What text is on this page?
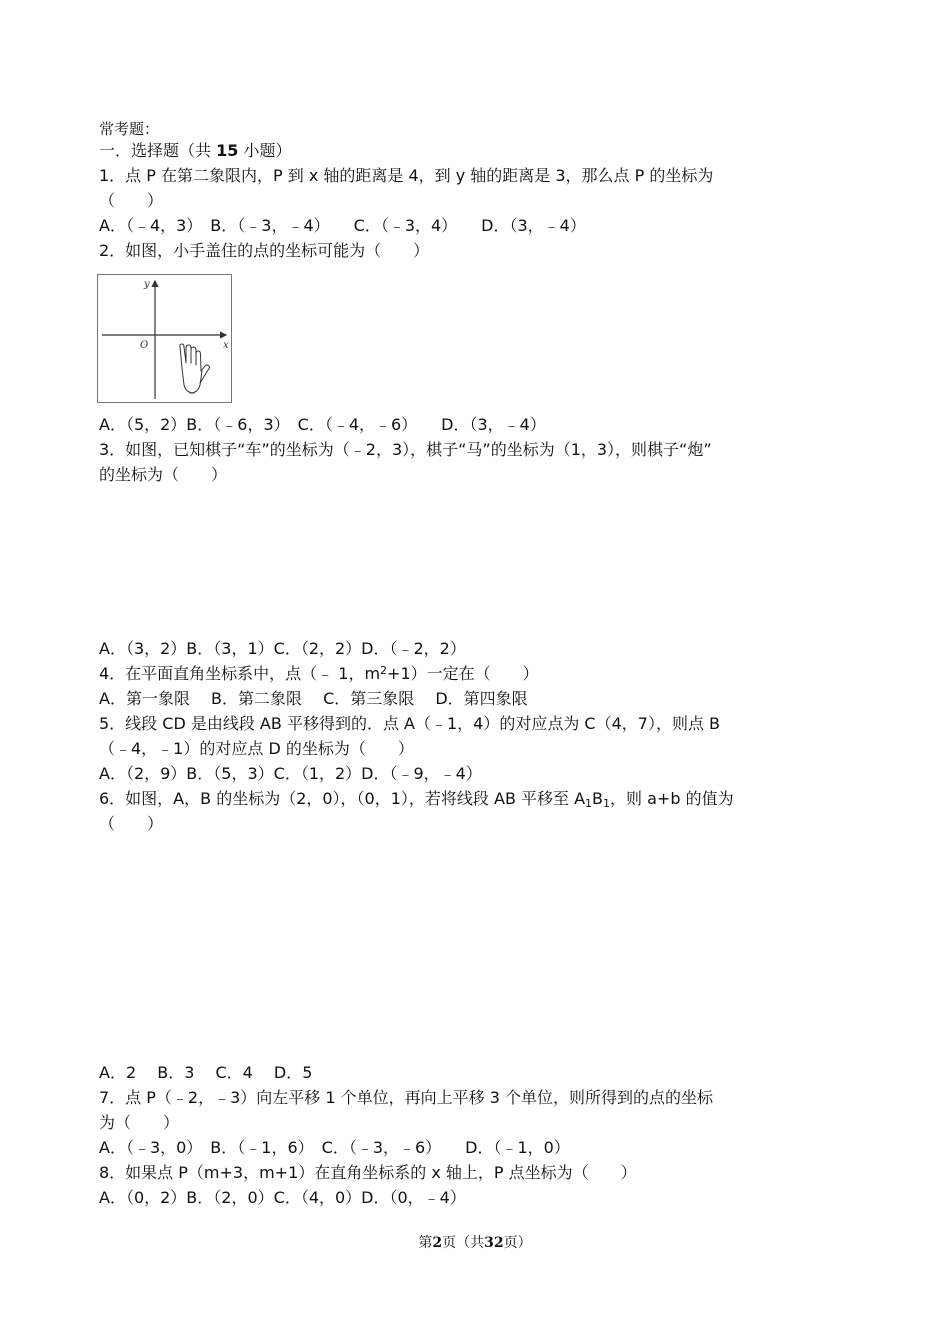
常考题：
一．选择题（共 15 小题）
1．点 P 在第二象限内，P 到 x 轴的距离是 4，到 y 轴的距离是 3，那么点 P 的坐标为
（　　）
A．（﹣4，3）　B．（﹣3，﹣4）　　C．（﹣3，4）　　D．（3，﹣4）
2．如图，小手盖住的点的坐标可能为（　　）
y
x
O
A．（5，2）B．（﹣6，3）　C．（﹣4，﹣6）　　D．（3，﹣4）
3．如图，已知棋子“车”的坐标为（﹣2，3），棋子“马”的坐标为（1，3），则棋子“炮”
的坐标为（　　）
A．（3，2）B．（3，1）C．（2，2）D．（﹣2，2）
4．在平面直角坐标系中，点（﹣ 1，$m^2+1$）一定在（　　）
A．第一象限　 B．第二象限　 C．第三象限　 D．第四象限
5．线段 CD 是由线段 AB 平移得到的．点 A（﹣1，4）的对应点为 C（4，7），则点 B
（﹣4，﹣1）的对应点 D 的坐标为（　　）
A．（2，9）B．（5，3）C．（1，2）D．（﹣9，﹣4）
6．如图，A，B 的坐标为（2，0），（0，1），若将线段 AB 平移至 $A_1B_1$，则 a+b 的值为
（　　）
A．2　 B．3　 C．4　 D．5
7．点 P（﹣2，﹣3）向左平移 1 个单位，再向上平移 3 个单位，则所得到的点的坐标
为（　　）
A．（﹣3，0）　B．（﹣1，6）　C．（﹣3，﹣6）　　D．（﹣1，0）
8．如果点 P（m+3，m+1）在直角坐标系的 x 轴上，P 点坐标为（　　）
A．（0，2）B．（2，0）C．（4，0）D．（0，﹣4）
第2页（共32页）
